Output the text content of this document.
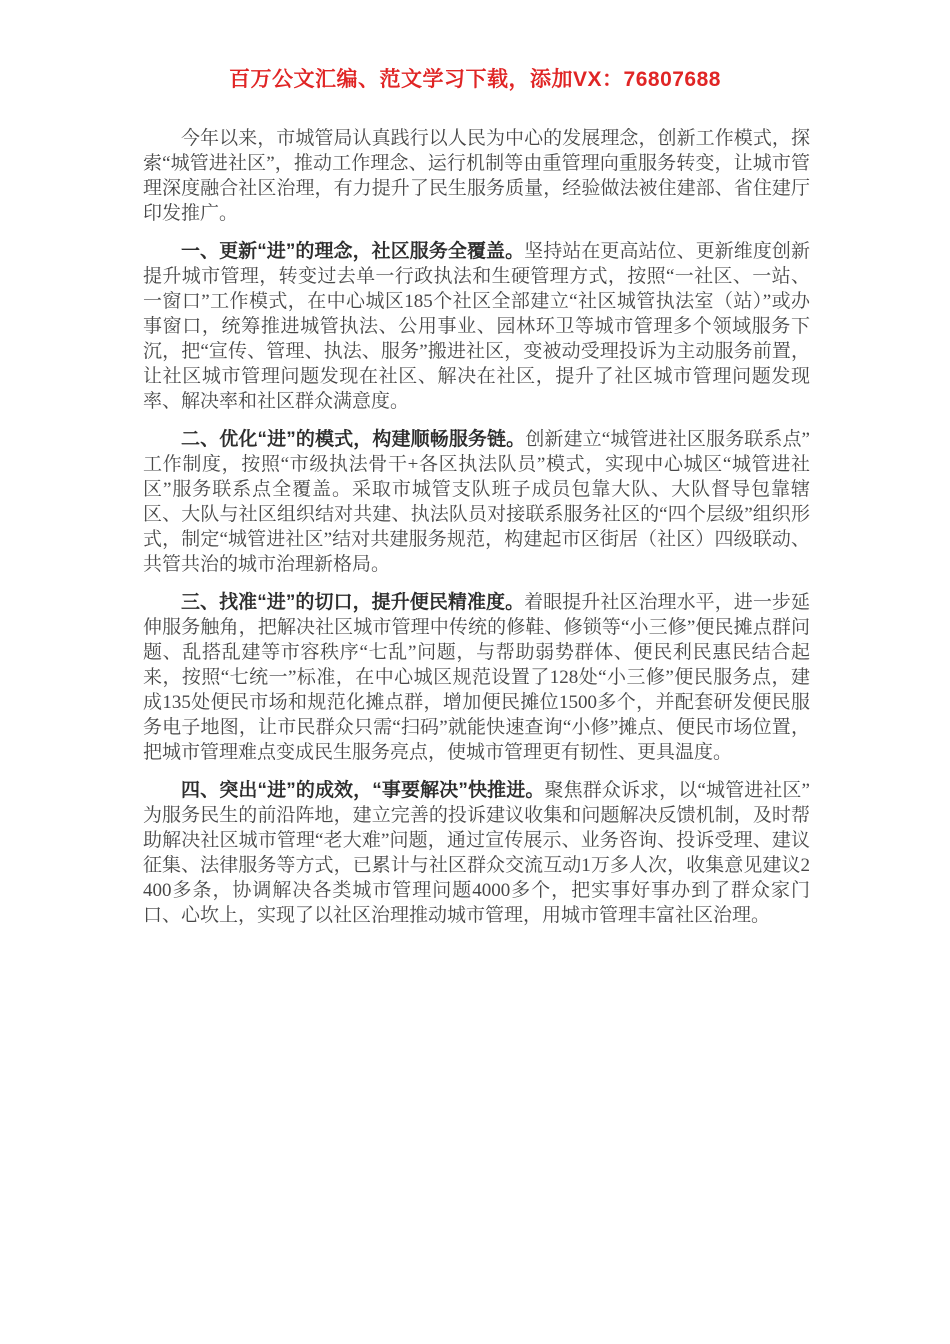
百万公文汇编、范文学习下载，添加VX：76807688

今年以来，市城管局认真践行以人民为中心的发展理念，创新工作模式，探索“城管进社区”，推动工作理念、运行机制等由重管理向重服务转变，让城市管理深度融合社区治理，有力提升了民生服务质量，经验做法被住建部、省住建厅印发推广。

一、更新“进”的理念，社区服务全覆盖。坚持站在更高站位、更新维度创新提升城市管理，转变过去单一行政执法和生硬管理方式，按照“一社区、一站、一窗口”工作模式，在中心城区185个社区全部建立“社区城管执法室（站）”或办事窗口，统筹推进城管执法、公用事业、园林环卫等城市管理多个领域服务下沉，把“宣传、管理、执法、服务”搬进社区，变被动受理投诉为主动服务前置，让社区城市管理问题发现在社区、解决在社区，提升了社区城市管理问题发现率、解决率和社区群众满意度。

二、优化“进”的模式，构建顺畅服务链。创新建立“城管进社区服务联系点”工作制度，按照“市级执法骨干+各区执法队员”模式，实现中心城区“城管进社区”服务联系点全覆盖。采取市城管支队班子成员包靠大队、大队督导包靠辖区、大队与社区组织结对共建、执法队员对接联系服务社区的“四个层级”组织形式，制定“城管进社区”结对共建服务规范，构建起市区街居（社区）四级联动、共管共治的城市治理新格局。

三、找准“进”的切口，提升便民精准度。着眼提升社区治理水平，进一步延伸服务触角，把解决社区城市管理中传统的修鞋、修锁等“小三修”便民摊点群问题、乱搭乱建等市容秩序“七乱”问题，与帮助弱势群体、便民利民惠民结合起来，按照“七统一”标准，在中心城区规范设置了128处“小三修”便民服务点，建成135处便民市场和规范化摊点群，增加便民摊位1500多个，并配套研发便民服务电子地图，让市民群众只需“扫码”就能快速查询“小修”摊点、便民市场位置，把城市管理难点变成民生服务亮点，使城市管理更有韧性、更具温度。

四、突出“进”的成效，“事要解决”快推进。聚焦群众诉求，以“城管进社区”为服务民生的前沿阵地，建立完善的投诉建议收集和问题解决反馈机制，及时帮助解决社区城市管理“老大难”问题，通过宣传展示、业务咨询、投诉受理、建议征集、法律服务等方式，已累计与社区群众交流互动1万多人次，收集意见建议2400多条，协调解决各类城市管理问题4000多个，把实事好事办到了群众家门口、心坎上，实现了以社区治理推动城市管理，用城市管理丰富社区治理。
